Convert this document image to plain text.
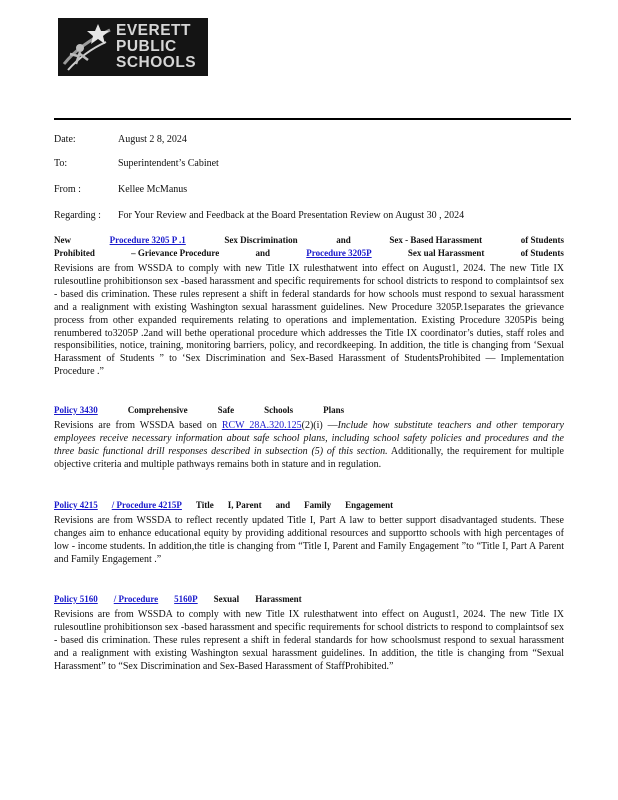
EVERETT
PUBLIC
SCHOOLS
Date:	August 2 8, 2024
To:	Superintendent’s Cabinet
From :	Kellee McManus
Regarding : For Your Review and Feedback at the Board Presentation Review on August 30 , 2024
New	Procedure 3205 P .1	Sex Discrimination	and	Sex - Based Harassment	of Students
Prohibited	– Grievance Procedure	and	Procedure 3205P	Sex ual Harassment	of Students
Revisions are from WSSDA to comply with new Title IX rulesthatwent into effect on August1, 2024. The new Title IX rulesoutline prohibitionson sex -based harassment and specific requirements for school districts to respond to complaintsof sex - based dis crimination. These rules represent a shift in federal standards for how schools must respond to sexual harassment and a realignment with existing Washington sexual harassment guidelines. New Procedure 3205P.1separates the grievance process from other expanded requirements relating to operations and implementation. Existing Procedure 3205Pis being renumbered to3205P .2and will bethe operational procedure which addresses the Title IX coordinator’s duties, staff roles and responsibilities, notice, training, monitoring barriers, policy, and recordkeeping. In addition, the title is changing from ‘Sexual Harassment of Students ” to ‘Sex Discrimination and Sex-Based Harassment of StudentsProhibited — Implementation Procedure .”
Policy 3430	Comprehensive	Safe	Schools	Plans
Revisions are from WSSDA based on RCW 28A.320.125(2)(i) —Include how substitute teachers and other temporary employees receive necessary information about safe school plans, including school safety policies and procedures and the three basic functional drill responses described in subsection (5) of this section. Additionally, the requirement for multiple objective criteria and multiple pathways remains both in stature and in regulation.
Policy 4215 / Procedure 4215P Title I, Parent and Family Engagement
Revisions are from WSSDA to reflect recently updated Title I, Part A law to better support disadvantaged students. These changes aim to enhance educational equity by providing additional resources and supportto schools with high percentages of low - income students. In addition,the title is changing from “Title I, Parent and Family Engagement ”to “Title I, Part A Parent and Family Engagement .”
Policy 5160 / Procedure 5160P Sexual Harassment
Revisions are from WSSDA to comply with new Title IX rulesthatwent into effect on August1, 2024. The new Title IX rulesoutline prohibitionson sex -based harassment and specific requirements for school districts to respond to complaintsof sex - based dis crimination. These rules represent a shift in federal standards for how schoolsmust respond to sexual harassment and a realignment with existing Washington sexual harassment guidelines. In addition, the title is changing from “Sexual Harassment” to “Sex Discrimination and Sex-Based Harassment of StaffProhibited.”
